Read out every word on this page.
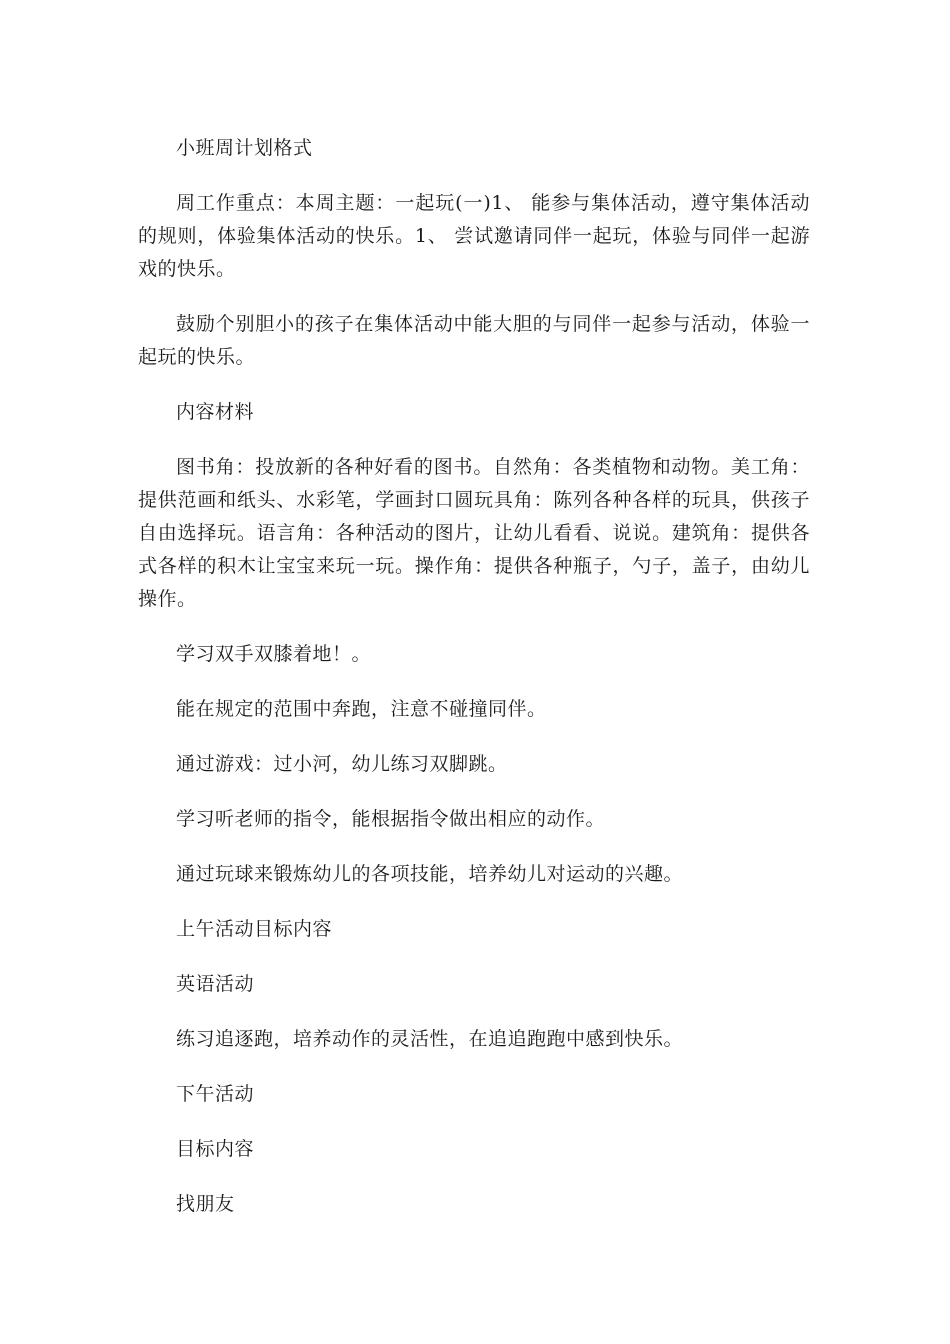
小班周计划格式

周工作重点：本周主题：一起玩(一)1、 能参与集体活动，遵守集体活动的规则，体验集体活动的快乐。1、 尝试邀请同伴一起玩，体验与同伴一起游戏的快乐。

鼓励个别胆小的孩子在集体活动中能大胆的与同伴一起参与活动，体验一起玩的快乐。

内容材料

图书角：投放新的各种好看的图书。自然角：各类植物和动物。美工角：提供范画和纸头、水彩笔，学画封口圆玩具角：陈列各种各样的玩具，供孩子自由选择玩。语言角：各种活动的图片，让幼儿看看、说说。建筑角：提供各式各样的积木让宝宝来玩一玩。操作角：提供各种瓶子，勺子，盖子，由幼儿操作。

学习双手双膝着地！。

能在规定的范围中奔跑，注意不碰撞同伴。

通过游戏：过小河，幼儿练习双脚跳。

学习听老师的指令，能根据指令做出相应的动作。

通过玩球来锻炼幼儿的各项技能，培养幼儿对运动的兴趣。

上午活动目标内容

英语活动

练习追逐跑，培养动作的灵活性，在追追跑跑中感到快乐。

下午活动

目标内容

找朋友
